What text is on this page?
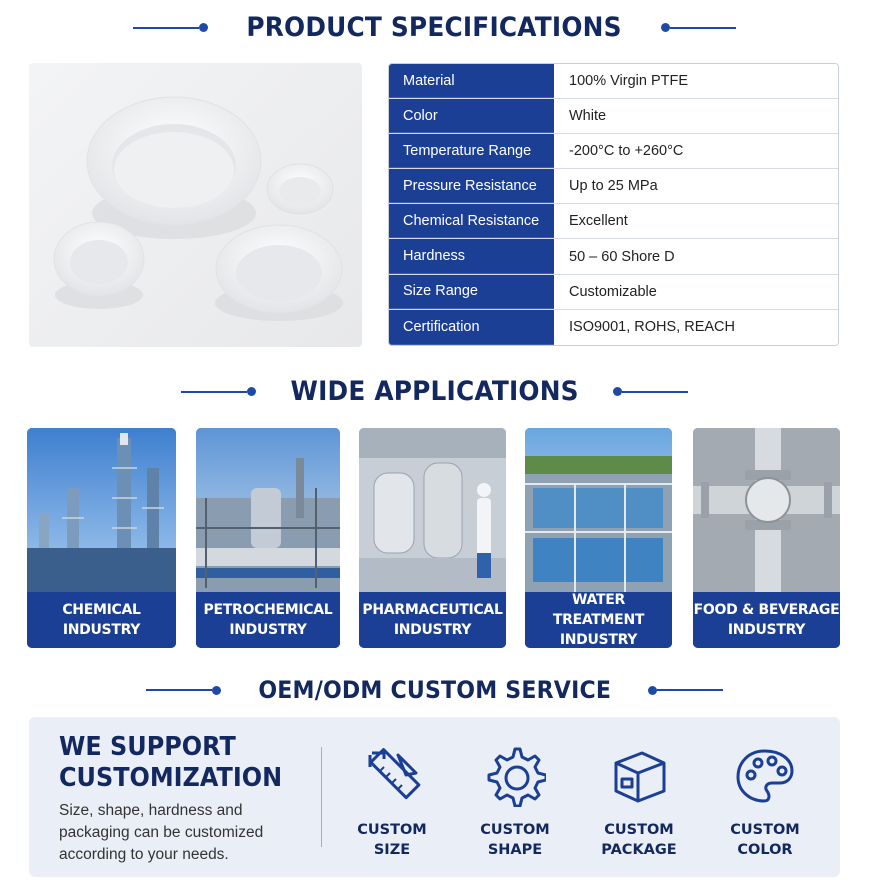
PRODUCT SPECIFICATIONS
Material	100% Virgin PTFE
Color	White
Temperature Range	-200°C to +260°C
Pressure Resistance	Up to 25 MPa
Chemical Resistance	Excellent
Hardness	50 – 60 Shore D
Size Range	Customizable
Certification	ISO9001, ROHS, REACH
WIDE APPLICATIONS
CHEMICAL
INDUSTRY
PETROCHEMICAL
INDUSTRY
PHARMACEUTICAL
INDUSTRY
WATER TREATMENT
INDUSTRY
FOOD & BEVERAGE
INDUSTRY
OEM/ODM CUSTOM SERVICE
WE SUPPORT
CUSTOMIZATION
Size, shape, hardness and packaging can be customized according to your needs.
CUSTOM
SIZE
CUSTOM
SHAPE
CUSTOM
PACKAGE
CUSTOM
COLOR
